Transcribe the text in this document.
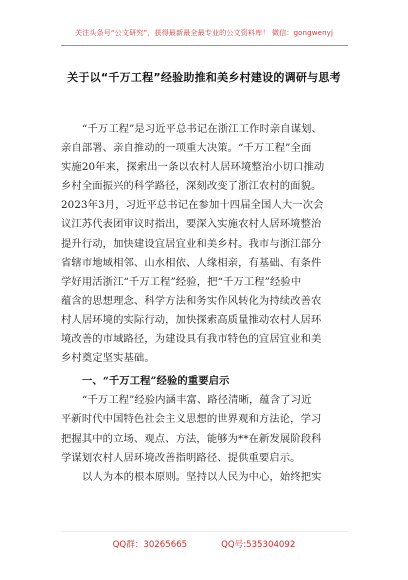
关注头条号“公文研究”，获得最新最全最专业的公文资料库！ 微信：gongwenyj
关于以“千万工程”经验助推和美乡村建设的调研与思考
“千万工程”是习近平总书记在浙江工作时亲自谋划、
亲自部署、亲自推动的一项重大决策。“千万工程”全面
实施20年来，探索出一条以农村人居环境整治小切口推动
乡村全面振兴的科学路径，深刻改变了浙江农村的面貌。
2023年3月，习近平总书记在参加十四届全国人大一次会
议江苏代表团审议时指出，要深入实施农村人居环境整治
提升行动，加快建设宜居宜业和美乡村。我市与浙江部分
省辖市地域相邻、山水相依、人缘相亲，有基础、有条件
学好用活浙江“千万工程”经验，把“千万工程”经验中
蕴含的思想理念、科学方法和务实作风转化为持续改善农
村人居环境的实际行动，加快探索高质量推动农村人居环
境改善的市域路径，为建设具有我市特色的宜居宜业和美
乡村奠定坚实基础。
一、“千万工程”经验的重要启示
“千万工程”经验内涵丰富、路径清晰，蕴含了习近
平新时代中国特色社会主义思想的世界观和方法论，学习
把握其中的立场、观点、方法，能够为**在新发展阶段科
学谋划农村人居环境改善指明路径、提供重要启示。
以人为本的根本原则。坚持以人民为中心，始终把实
QQ群：30265665	QQ号:535304092
